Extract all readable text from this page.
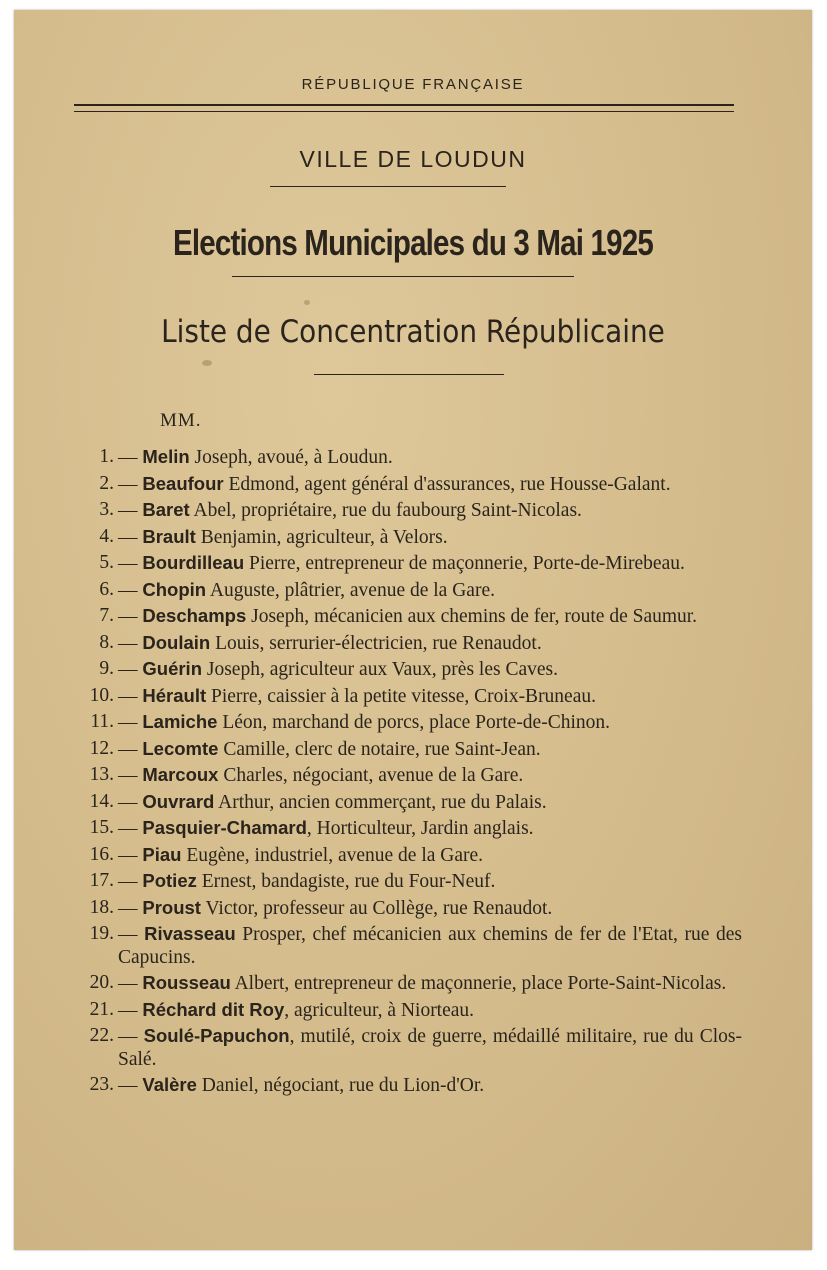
RÉPUBLIQUE FRANÇAISE
VILLE DE LOUDUN
Elections Municipales du 3 Mai 1925
Liste de Concentration Républicaine
MM.
1. — Melin Joseph, avoué, à Loudun.
2. — Beaufour Edmond, agent général d'assurances, rue Housse-Galant.
3. — Baret Abel, propriétaire, rue du faubourg Saint-Nicolas.
4. — Brault Benjamin, agriculteur, à Velors.
5. — Bourdilleau Pierre, entrepreneur de maçonnerie, Porte-de-Mirebeau.
6. — Chopin Auguste, plâtrier, avenue de la Gare.
7. — Deschamps Joseph, mécanicien aux chemins de fer, route de Saumur.
8. — Doulain Louis, serrurier-électricien, rue Renaudot.
9. — Guérin Joseph, agriculteur aux Vaux, près les Caves.
10. — Hérault Pierre, caissier à la petite vitesse, Croix-Bruneau.
11. — Lamiche Léon, marchand de porcs, place Porte-de-Chinon.
12. — Lecomte Camille, clerc de notaire, rue Saint-Jean.
13. — Marcoux Charles, négociant, avenue de la Gare.
14. — Ouvrard Arthur, ancien commerçant, rue du Palais.
15. — Pasquier-Chamard, Horticulteur, Jardin anglais.
16. — Piau Eugène, industriel, avenue de la Gare.
17. — Potiez Ernest, bandagiste, rue du Four-Neuf.
18. — Proust Victor, professeur au Collège, rue Renaudot.
19. — Rivasseau Prosper, chef mécanicien aux chemins de fer de l'Etat, rue des Capucins.
20. — Rousseau Albert, entrepreneur de maçonnerie, place Porte-Saint-Nicolas.
21. — Réchard dit Roy, agriculteur, à Niorteau.
22. — Soulé-Papuchon, mutilé, croix de guerre, médaillé militaire, rue du Clos-Salé.
23. — Valère Daniel, négociant, rue du Lion-d'Or.
